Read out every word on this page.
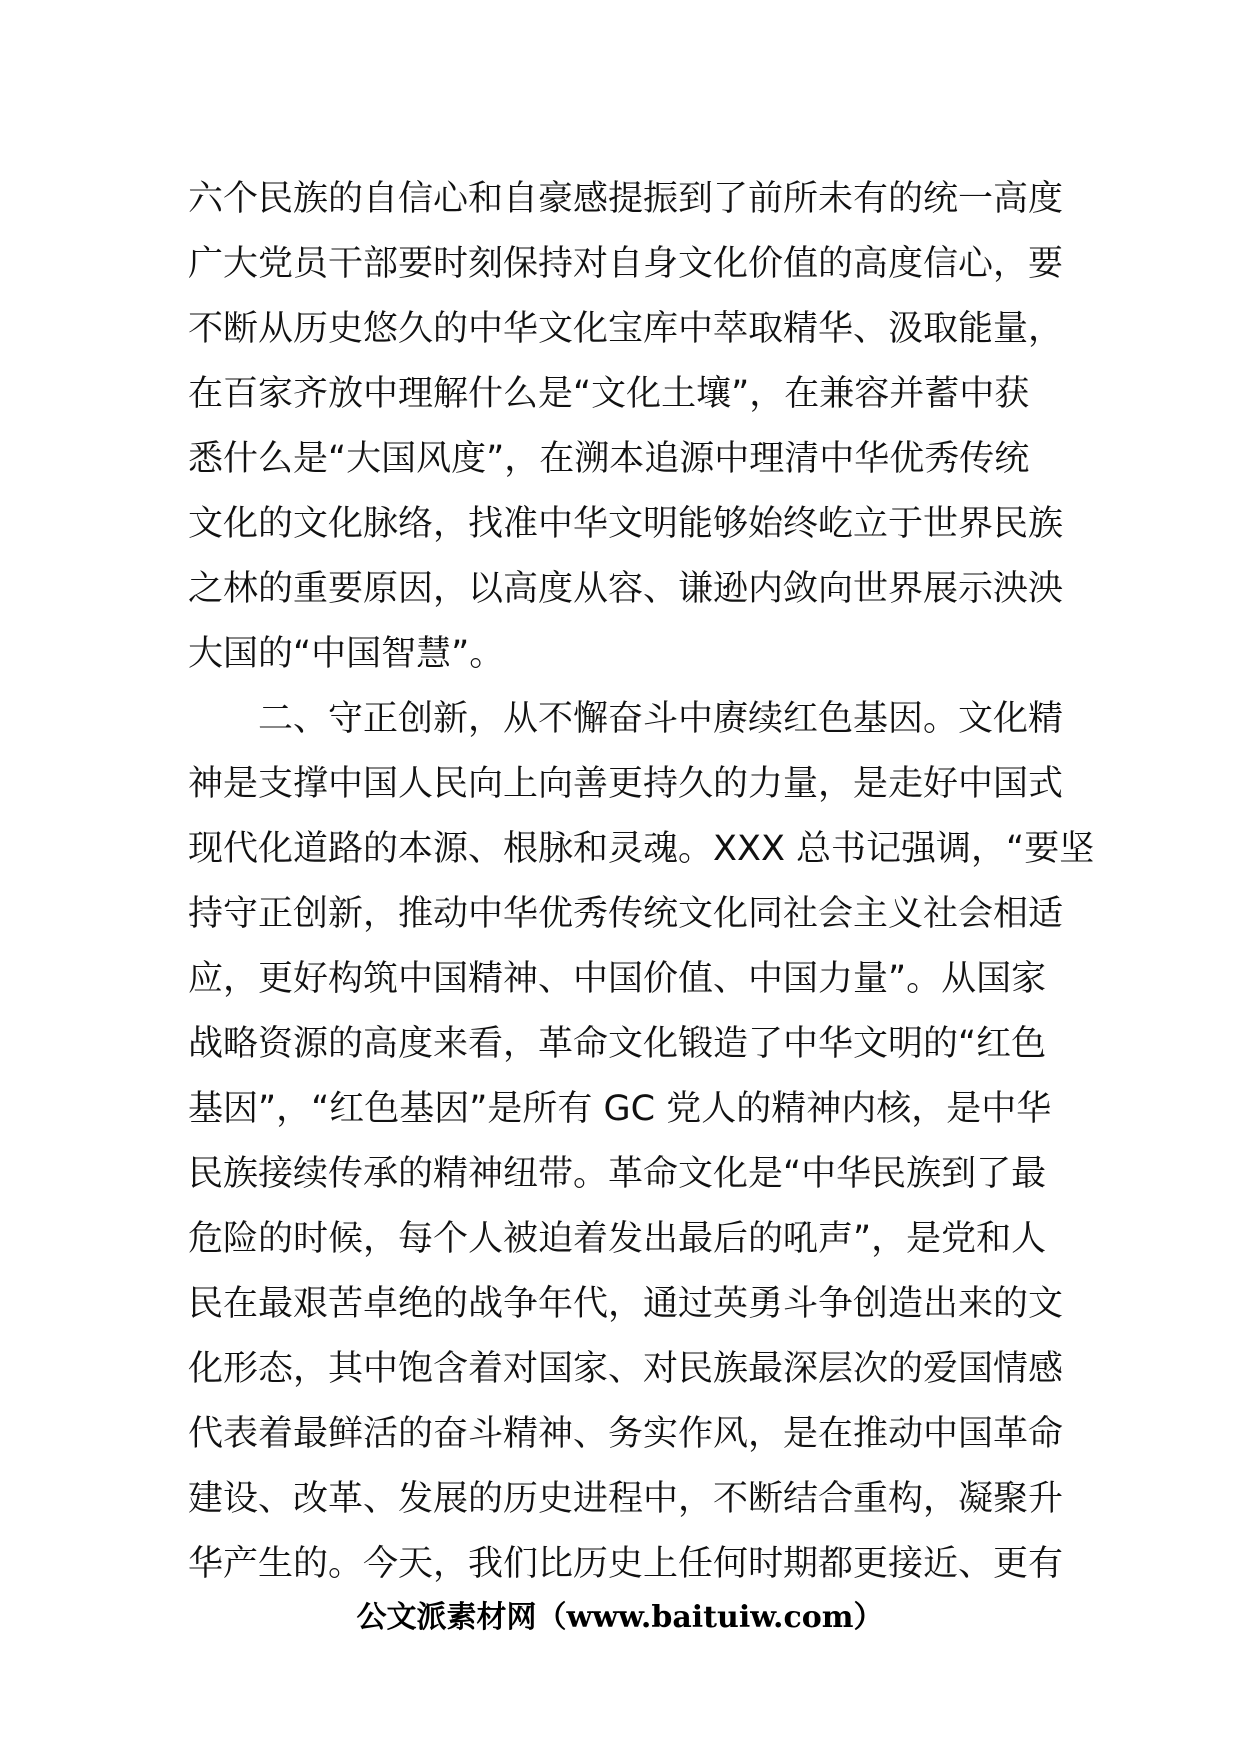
六个民族的自信心和自豪感提振到了前所未有的统一高度
广大党员干部要时刻保持对自身文化价值的高度信心，要
不断从历史悠久的中华文化宝库中萃取精华、汲取能量，
在百家齐放中理解什么是“文化土壤”，在兼容并蓄中获
悉什么是“大国风度”，在溯本追源中理清中华优秀传统
文化的文化脉络，找准中华文明能够始终屹立于世界民族
之林的重要原因，以高度从容、谦逊内敛向世界展示泱泱
大国的“中国智慧”。
二、守正创新，从不懈奋斗中赓续红色基因。文化精
神是支撑中国人民向上向善更持久的力量，是走好中国式
现代化道路的本源、根脉和灵魂。XXX 总书记强调，“要坚
持守正创新，推动中华优秀传统文化同社会主义社会相适
应，更好构筑中国精神、中国价值、中国力量”。从国家
战略资源的高度来看，革命文化锻造了中华文明的“红色
基因”，“红色基因”是所有 GC 党人的精神内核，是中华
民族接续传承的精神纽带。革命文化是“中华民族到了最
危险的时候，每个人被迫着发出最后的吼声”，是党和人
民在最艰苦卓绝的战争年代，通过英勇斗争创造出来的文
化形态，其中饱含着对国家、对民族最深层次的爱国情感
代表着最鲜活的奋斗精神、务实作风，是在推动中国革命
建设、改革、发展的历史进程中，不断结合重构，凝聚升
华产生的。今天，我们比历史上任何时期都更接近、更有
公文派素材网（www.baituiw.com）
